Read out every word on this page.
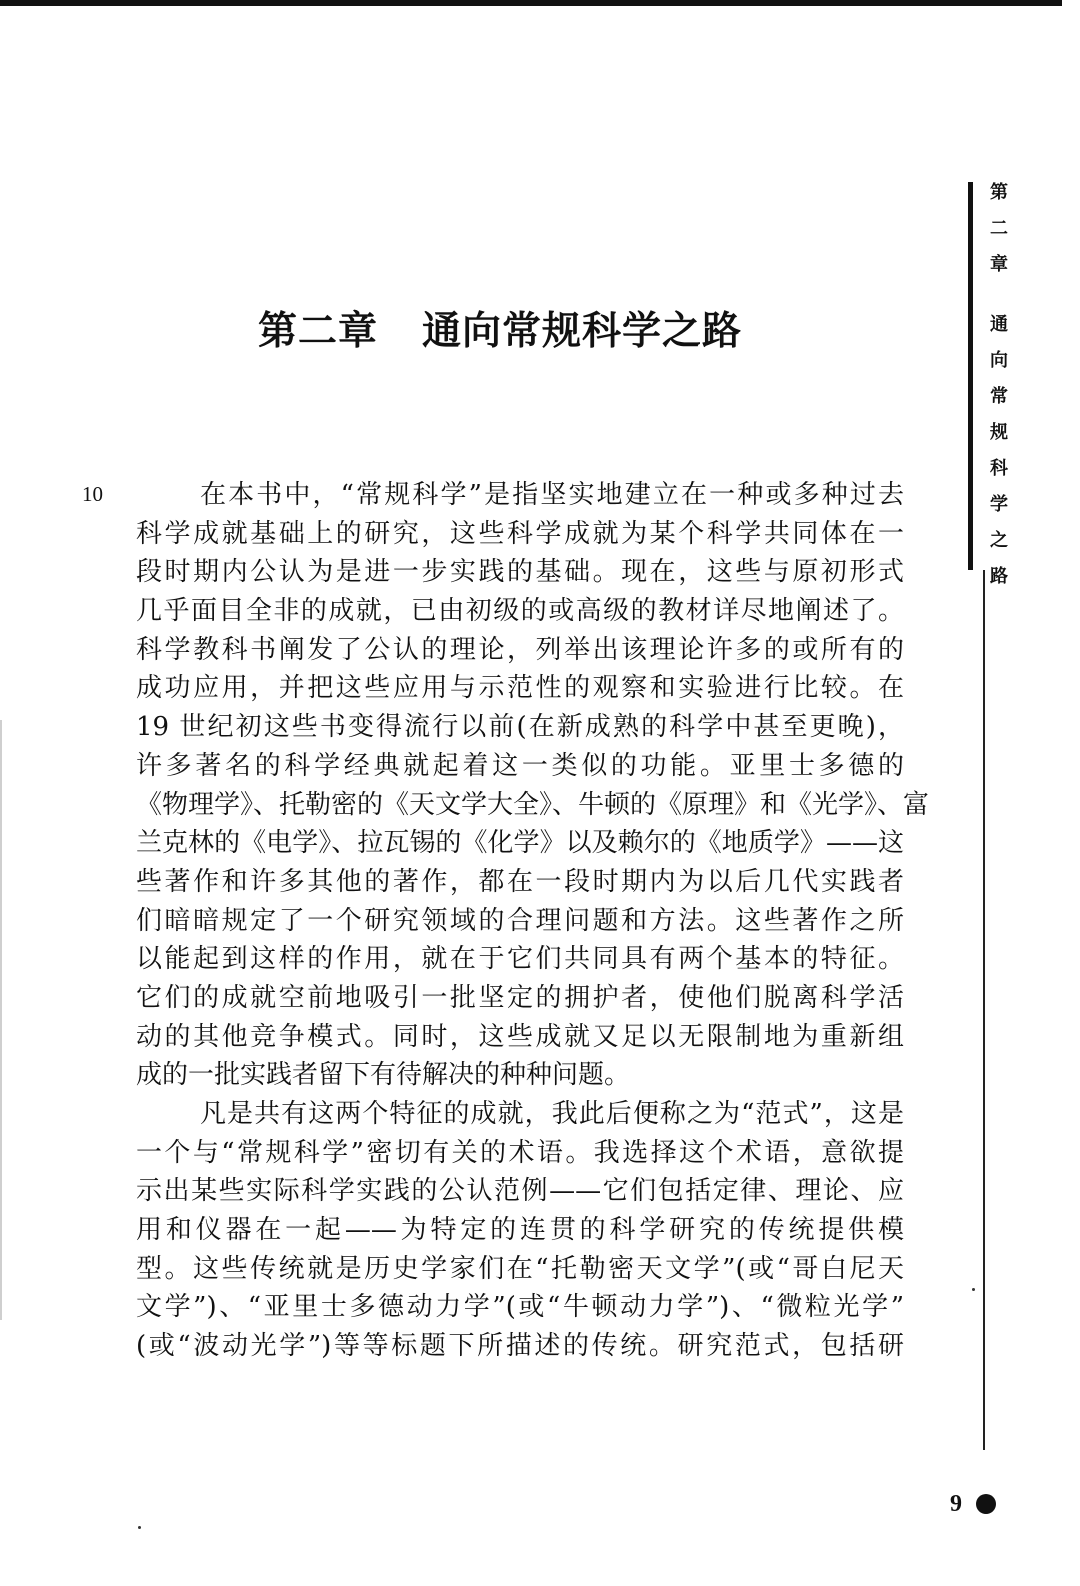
第二章 通向常规科学之路
10	在本书中，“常规科学”是指坚实地建立在一种或多种过去
科学成就基础上的研究，这些科学成就为某个科学共同体在一
段时期内公认为是进一步实践的基础。现在，这些与原初形式
几乎面目全非的成就，已由初级的或高级的教材详尽地阐述了。
科学教科书阐发了公认的理论，列举出该理论许多的或所有的
成功应用，并把这些应用与示范性的观察和实验进行比较。在
19 世纪初这些书变得流行以前(在新成熟的科学中甚至更晚)，
许多著名的科学经典就起着这一类似的功能。亚里士多德的
《物理学》、托勒密的《天文学大全》、牛顿的《原理》和《光学》、富
兰克林的《电学》、拉瓦锡的《化学》以及赖尔的《地质学》——这
些著作和许多其他的著作，都在一段时期内为以后几代实践者
们暗暗规定了一个研究领域的合理问题和方法。这些著作之所
以能起到这样的作用，就在于它们共同具有两个基本的特征。
它们的成就空前地吸引一批坚定的拥护者，使他们脱离科学活
动的其他竞争模式。同时，这些成就又足以无限制地为重新组
成的一批实践者留下有待解决的种种问题。
凡是共有这两个特征的成就，我此后便称之为“范式”，这是
一个与“常规科学”密切有关的术语。我选择这个术语，意欲提
示出某些实际科学实践的公认范例——它们包括定律、理论、应
用和仪器在一起——为特定的连贯的科学研究的传统提供模
型。这些传统就是历史学家们在“托勒密天文学”(或“哥白尼天
文学”)、“亚里士多德动力学”(或“牛顿动力学”)、“微粒光学”
(或“波动光学”)等等标题下所描述的传统。研究范式，包括研
第二章 通向常规科学之路
9
